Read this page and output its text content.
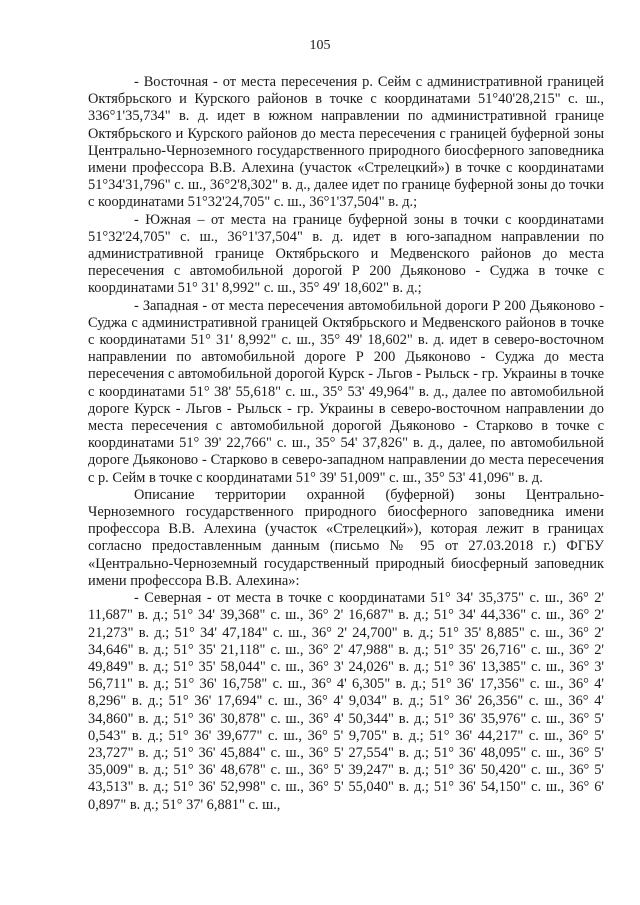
105

- Восточная - от места пересечения р. Сейм с административной границей Октябрьского и Курского районов в точке с координатами 51°40'28,215" с. ш., 336°1'35,734" в. д. идет в южном направлении по административной границе Октябрьского и Курского районов до места пересечения с границей буферной зоны Центрально-Черноземного государственного природного биосферного заповедника имени профессора В.В. Алехина (участок «Стрелецкий») в точке с координатами 51°34'31,796" с. ш., 36°2'8,302" в. д., далее идет по границе буферной зоны до точки с координатами 51°32'24,705" с. ш., 36°1'37,504" в. д.;

- Южная – от места на границе буферной зоны в точки с координатами 51°32'24,705" с. ш., 36°1'37,504" в. д. идет в юго-западном направлении по административной границе Октябрьского и Медвенского районов до места пересечения с автомобильной дорогой Р 200 Дьяконово - Суджа в точке с координатами 51° 31' 8,992" с. ш., 35° 49' 18,602" в. д.;

- Западная - от места пересечения автомобильной дороги Р 200 Дьяконово - Суджа с административной границей Октябрьского и Медвенского районов в точке с координатами 51° 31' 8,992" с. ш., 35° 49' 18,602" в. д. идет в северо-восточном направлении по автомобильной дороге Р 200 Дьяконово - Суджа до места пересечения с автомобильной дорогой Курск - Льгов - Рыльск - гр. Украины в точке с координатами 51° 38' 55,618" с. ш., 35° 53' 49,964" в. д., далее по автомобильной дороге Курск - Льгов - Рыльск - гр. Украины в северо-восточном направлении до места пересечения с автомобильной дорогой Дьяконово - Старково в точке с координатами 51° 39' 22,766" с. ш., 35° 54' 37,826" в. д., далее, по автомобильной дороге Дьяконово - Старково в северо-западном направлении до места пересечения с р. Сейм в точке с координатами 51° 39' 51,009" с. ш., 35° 53' 41,096" в. д.

Описание территории охранной (буферной) зоны Центрально-Черноземного государственного природного биосферного заповедника имени профессора В.В. Алехина (участок «Стрелецкий»), которая лежит в границах согласно предоставленным данным (письмо № 95 от 27.03.2018 г.) ФГБУ «Центрально-Черноземный государственный природный биосферный заповедник имени профессора В.В. Алехина»:

- Северная - от места в точке с координатами 51° 34' 35,375" с. ш., 36° 2' 11,687" в. д.; 51° 34' 39,368" с. ш., 36° 2' 16,687" в. д.; 51° 34' 44,336" с. ш., 36° 2' 21,273" в. д.; 51° 34' 47,184" с. ш., 36° 2' 24,700" в. д.; 51° 35' 8,885" с. ш., 36° 2' 34,646" в. д.; 51° 35' 21,118" с. ш., 36° 2' 47,988" в. д.; 51° 35' 26,716" с. ш., 36° 2' 49,849" в. д.; 51° 35' 58,044" с. ш., 36° 3' 24,026" в. д.; 51° 36' 13,385" с. ш., 36° 3' 56,711" в. д.; 51° 36' 16,758" с. ш., 36° 4' 6,305" в. д.; 51° 36' 17,356" с. ш., 36° 4' 8,296" в. д.; 51° 36' 17,694" с. ш., 36° 4' 9,034" в. д.; 51° 36' 26,356" с. ш., 36° 4' 34,860" в. д.; 51° 36' 30,878" с. ш., 36° 4' 50,344" в. д.; 51° 36' 35,976" с. ш., 36° 5' 0,543" в. д.; 51° 36' 39,677" с. ш., 36° 5' 9,705" в. д.; 51° 36' 44,217" с. ш., 36° 5' 23,727" в. д.; 51° 36' 45,884" с. ш., 36° 5' 27,554" в. д.; 51° 36' 48,095" с. ш., 36° 5' 35,009" в. д.; 51° 36' 48,678" с. ш., 36° 5' 39,247" в. д.; 51° 36' 50,420" с. ш., 36° 5' 43,513" в. д.; 51° 36' 52,998" с. ш., 36° 5' 55,040" в. д.; 51° 36' 54,150" с. ш., 36° 6' 0,897" в. д.; 51° 37' 6,881" с. ш.,
